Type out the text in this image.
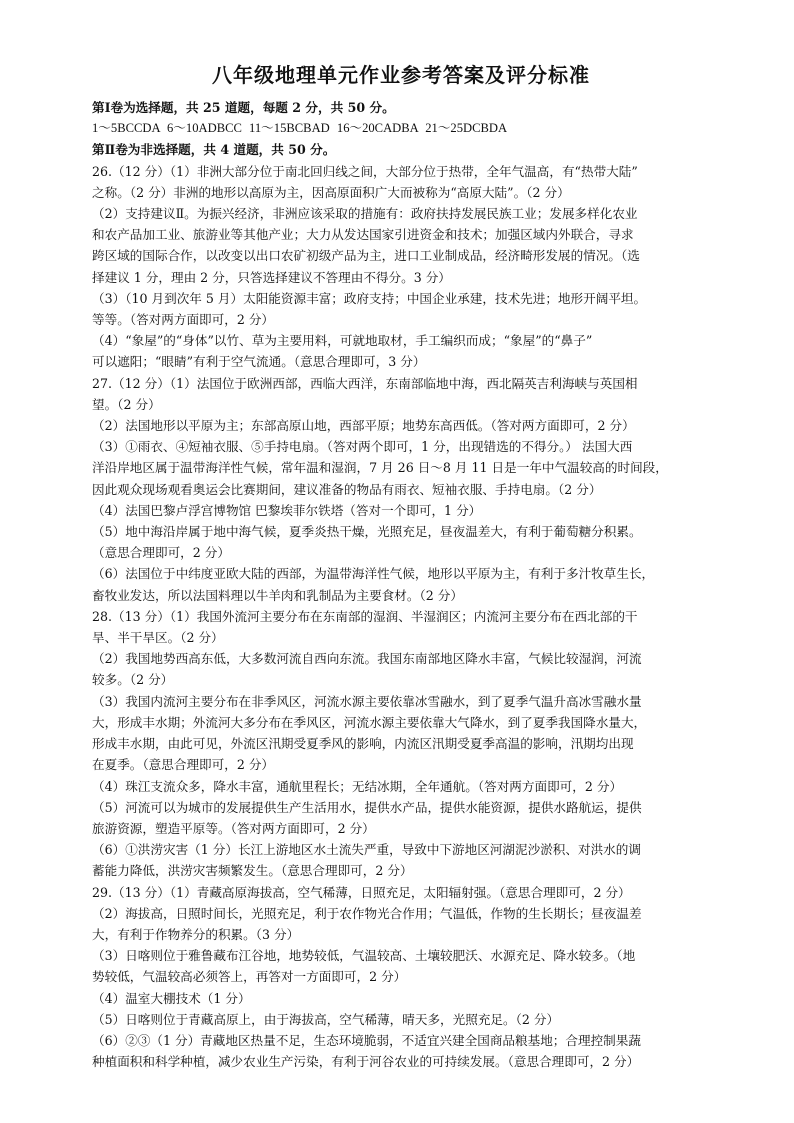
八年级地理单元作业参考答案及评分标准

第Ⅰ卷为选择题，共 25 道题，每题 2 分，共 50 分。

1～5BCCDA 6～10ADBCC 11～15BCBAD 16～20CADBA 21～25DCBDA

第Ⅱ卷为非选择题，共 4 道题，共 50 分。

26.（12 分）（1）非洲大部分位于南北回归线之间，大部分位于热带，全年气温高，有“热带大陆”

之称。（2 分）非洲的地形以高原为主，因高原面积广大而被称为“高原大陆”。（2 分）

（2）支持建议Ⅱ。为振兴经济，非洲应该采取的措施有：政府扶持发展民族工业；发展多样化农业

和农产品加工业、旅游业等其他产业；大力从发达国家引进资金和技术；加强区域内外联合，寻求

跨区域的国际合作，以改变以出口农矿初级产品为主，进口工业制成品，经济畸形发展的情况。（选

择建议 1 分，理由 2 分，只答选择建议不答理由不得分。3 分）

（3）（10 月到次年 5 月）太阳能资源丰富；政府支持；中国企业承建，技术先进；地形开阔平坦。

等等。（答对两方面即可，2 分）

（4）“象屋”的“身体”以竹、草为主要用料，可就地取材，手工编织而成；“象屋”的“鼻子”

可以遮阳；“眼睛”有利于空气流通。（意思合理即可，3 分）

27.（12 分）（1）法国位于欧洲西部，西临大西洋，东南部临地中海，西北隔英吉利海峡与英国相

望。（2 分）

（2）法国地形以平原为主；东部高原山地，西部平原；地势东高西低。（答对两方面即可，2 分）

（3）①雨衣、④短袖衣服、⑤手持电扇。（答对两个即可，1 分，出现错选的不得分。） 法国大西

洋沿岸地区属于温带海洋性气候，常年温和湿润，7 月 26 日～8 月 11 日是一年中气温较高的时间段，

因此观众现场观看奥运会比赛期间，建议准备的物品有雨衣、短袖衣服、手持电扇。（2 分）

（4）法国巴黎卢浮宫博物馆 巴黎埃菲尔铁塔（答对一个即可，1 分）

（5）地中海沿岸属于地中海气候，夏季炎热干燥，光照充足，昼夜温差大，有利于葡萄糖分积累。

（意思合理即可，2 分）

（6）法国位于中纬度亚欧大陆的西部，为温带海洋性气候，地形以平原为主，有利于多汁牧草生长，

畜牧业发达，所以法国料理以牛羊肉和乳制品为主要食材。（2 分）

28.（13 分）（1）我国外流河主要分布在东南部的湿润、半湿润区；内流河主要分布在西北部的干

旱、半干旱区。（2 分）

（2）我国地势西高东低，大多数河流自西向东流。我国东南部地区降水丰富，气候比较湿润，河流

较多。（2 分）

（3）我国内流河主要分布在非季风区，河流水源主要依靠冰雪融水，到了夏季气温升高冰雪融水量

大，形成丰水期；外流河大多分布在季风区，河流水源主要依靠大气降水，到了夏季我国降水量大，

形成丰水期，由此可见，外流区汛期受夏季风的影响，内流区汛期受夏季高温的影响，汛期均出现

在夏季。（意思合理即可，2 分）

（4）珠江支流众多，降水丰富，通航里程长；无结冰期，全年通航。（答对两方面即可，2 分）

（5）河流可以为城市的发展提供生产生活用水，提供水产品，提供水能资源，提供水路航运，提供

旅游资源，塑造平原等。（答对两方面即可，2 分）

（6）①洪涝灾害（1 分）长江上游地区水土流失严重，导致中下游地区河湖泥沙淤积、对洪水的调

蓄能力降低，洪涝灾害频繁发生。（意思合理即可，2 分）

29.（13 分）（1）青藏高原海拔高，空气稀薄，日照充足，太阳辐射强。（意思合理即可，2 分）

（2）海拔高，日照时间长，光照充足，利于农作物光合作用；气温低，作物的生长期长；昼夜温差

大，有利于作物养分的积累。（3 分）

（3）日喀则位于雅鲁藏布江谷地，地势较低，气温较高、土壤较肥沃、水源充足、降水较多。（地

势较低，气温较高必须答上，再答对一方面即可，2 分）

（4）温室大棚技术（1 分）

（5）日喀则位于青藏高原上，由于海拔高，空气稀薄，晴天多，光照充足。（2 分）

（6）②③（1 分）青藏地区热量不足，生态环境脆弱，不适宜兴建全国商品粮基地；合理控制果蔬

种植面积和科学种植，减少农业生产污染，有利于河谷农业的可持续发展。（意思合理即可，2 分）
